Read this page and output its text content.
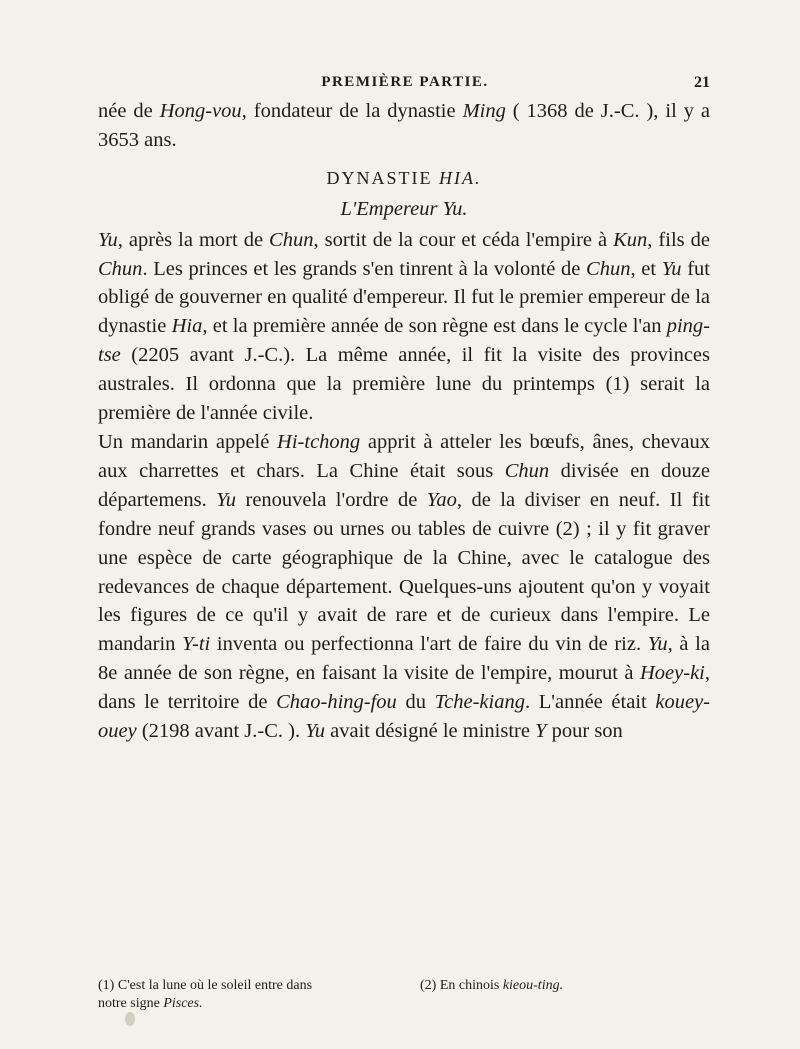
PREMIÈRE PARTIE.	21

née de Hong-vou, fondateur de la dynastie Ming ( 1368 de J.-C. ), il y a 3653 ans.

DYNASTIE HIA.

L'Empereur Yu.

Yu, après la mort de Chun, sortit de la cour et céda l'empire à Kun, fils de Chun. Les princes et les grands s'en tinrent à la volonté de Chun, et Yu fut obligé de gouverner en qualité d'empereur. Il fut le premier empereur de la dynastie Hia, et la première année de son règne est dans le cycle l'an ping-tse (2205 avant J.-C.). La même année, il fit la visite des provinces australes. Il ordonna que la première lune du printemps (1) serait la première de l'année civile.

Un mandarin appelé Hi-tchong apprit à atteler les bœufs, ânes, chevaux aux charrettes et chars. La Chine était sous Chun divisée en douze départemens. Yu renouvela l'ordre de Yao, de la diviser en neuf. Il fit fondre neuf grands vases ou urnes ou tables de cuivre (2) ; il y fit graver une espèce de carte géographique de la Chine, avec le catalogue des redevances de chaque département. Quelques-uns ajoutent qu'on y voyait les figures de ce qu'il y avait de rare et de curieux dans l'empire. Le mandarin Y-ti inventa ou perfectionna l'art de faire du vin de riz. Yu, à la 8e année de son règne, en faisant la visite de l'empire, mourut à Hoey-ki, dans le territoire de Chao-hing-fou du Tche-kiang. L'année était kouey-ouey (2198 avant J.-C. ). Yu avait désigné le ministre Y pour son

(1) C'est la lune où le soleil entre dans
notre signe Pisces.
(2) En chinois kieou-ting.
